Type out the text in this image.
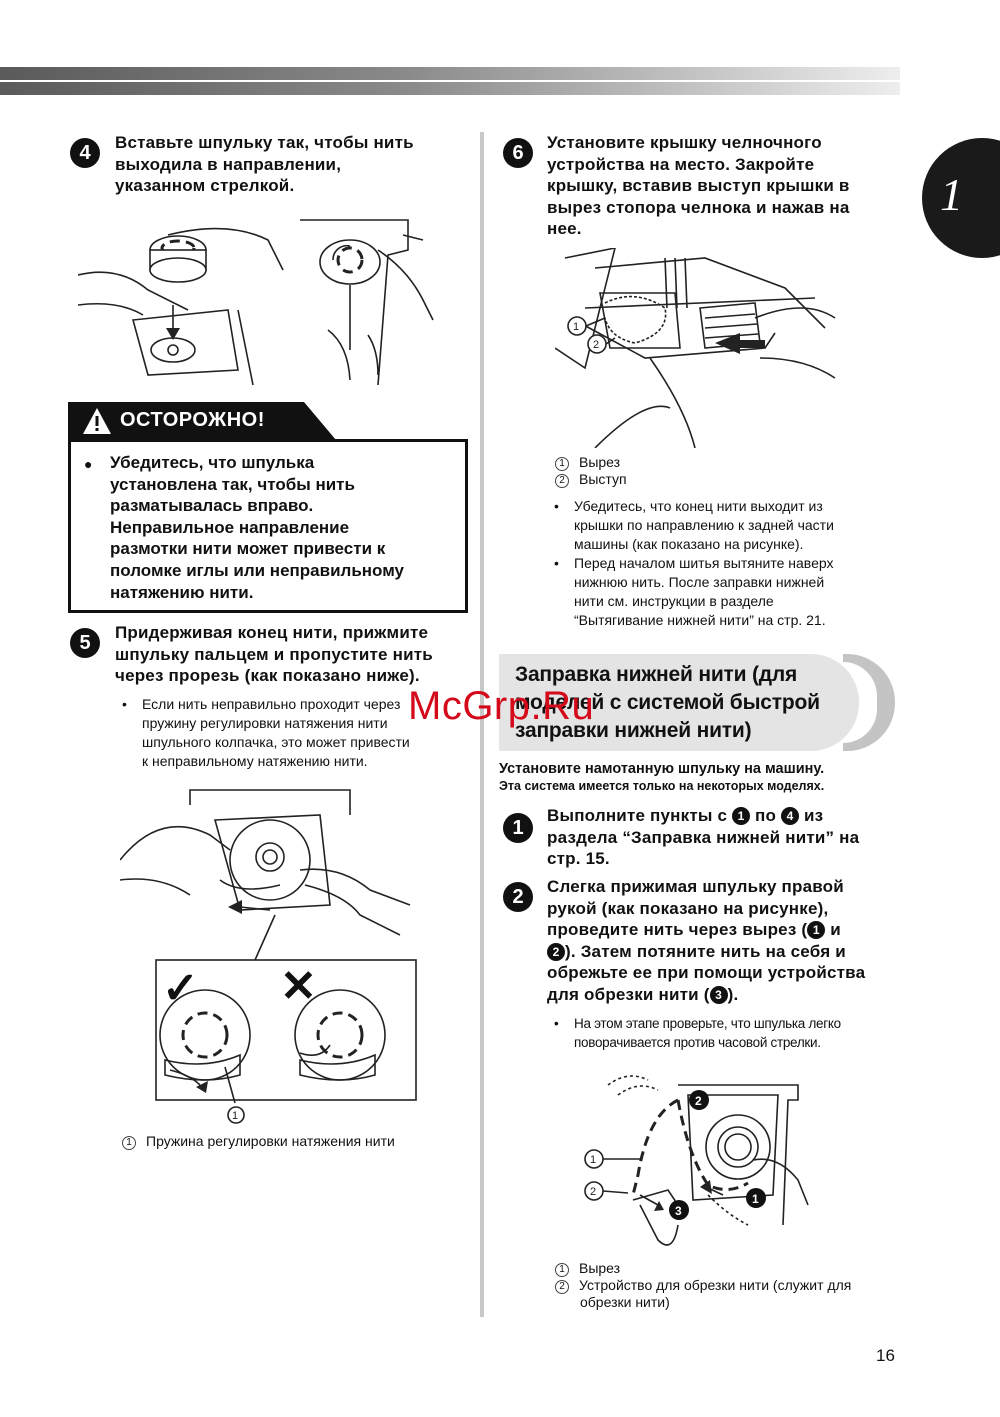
1
4	Вставьте шпульку так, чтобы нить
выходила в направлении,
указанном стрелкой.
ОСТОРОЖНО!
● Убедитесь, что шпулька
установлена так, чтобы нить
разматывалась вправо.
Неправильное направление
размотки нити может привести к
поломке иглы или неправильному
натяжению нити.
5	Придерживая конец нити, прижмите
шпульку пальцем и пропустите нить
через прорезь (как показано ниже).
• Если нить неправильно проходит через
пружину регулировки натяжения нити
шпульного колпачка, это может привести
к неправильному натяжению нити.
1
✓ ✕
1 Пружина регулировки натяжения нити
6	Установите крышку челночного
устройства на место. Закройте
крышку, вставив выступ крышки в
вырез стопора челнока и нажав на
нее.
1
2
1 Вырез
2 Выступ
• Убедитесь, что конец нити выходит из
крышки по направлению к задней части
машины (как показано на рисунке).
• Перед началом шитья вытяните наверх
нижнюю нить. После заправки нижней
нити см. инструкции в разделе
“Вытягивание нижней нити” на стр. 21.
Заправка нижней нити (для
моделей с системой быстрой
заправки нижней нити)
Установите намотанную шпульку на машину.
Эта система имеется только на некоторых моделях.
1
Выполните пункты с 1 по 4 из
раздела “Заправка нижней нити” на
стр. 15.
2	Слегка прижимая шпульку правой
рукой (как показано на рисунке),
проведите нить через вырез ( 1 и
2 ). Затем потяните нить на себя и
обрежьте ее при помощи устройства
для обрезки нити ( 3 ).
• На этом этапе проверьте, что шпулька легко
поворачивается против часовой стрелки.
1
2
2
1
3
1 Вырез
2 Устройство для обрезки нити (служит для
обрезки нити)
McGrp.Ru
16
